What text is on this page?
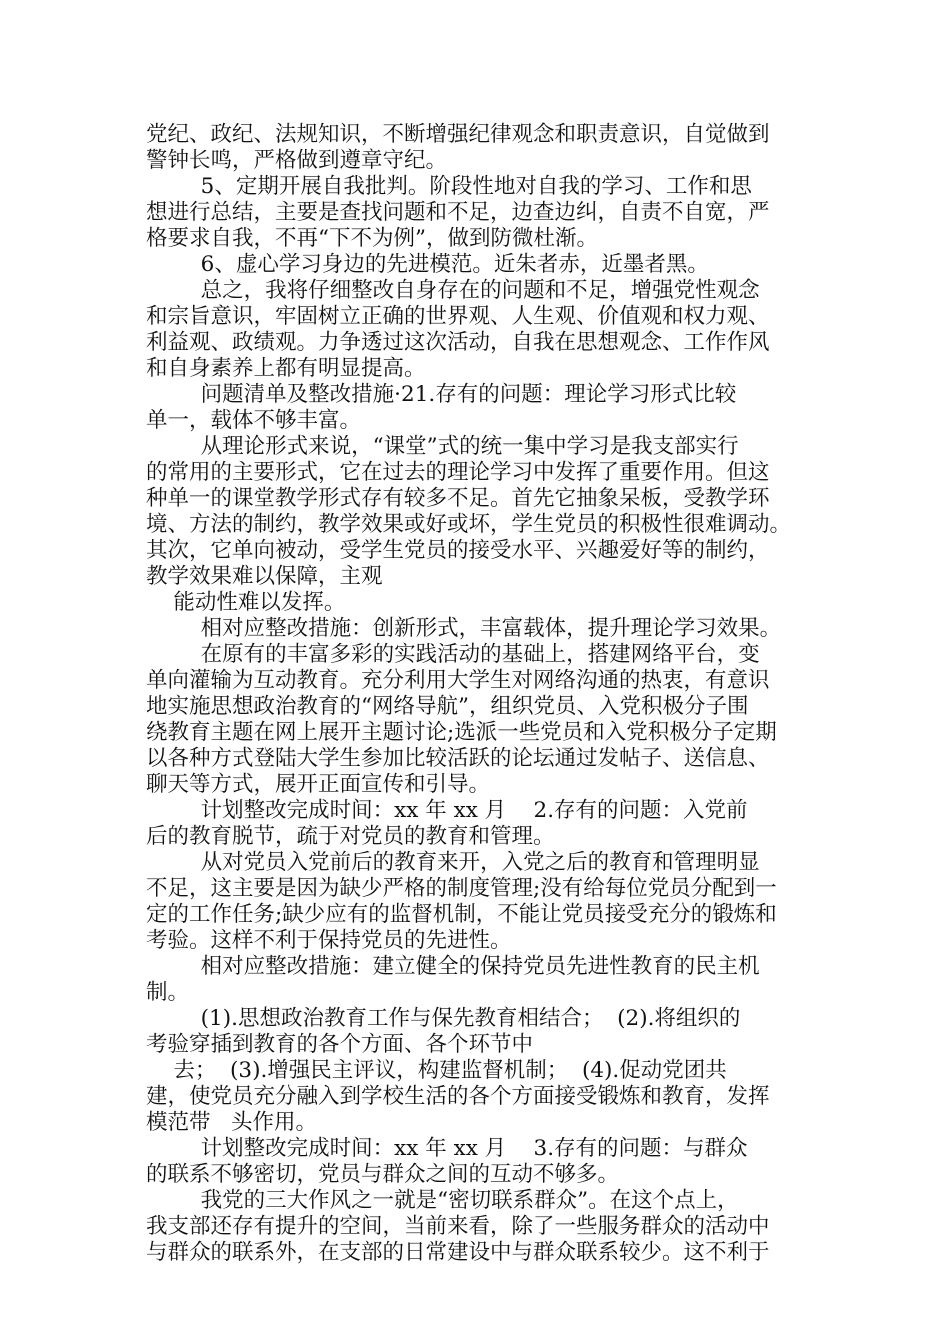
党纪、政纪、法规知识，不断增强纪律观念和职责意识，自觉做到

警钟长鸣，严格做到遵章守纪。

5、定期开展自我批判。阶段性地对自我的学习、工作和思

想进行总结，主要是查找问题和不足，边查边纠，自责不自宽，严

格要求自我，不再“下不为例”，做到防微杜渐。

6、虚心学习身边的先进模范。近朱者赤，近墨者黑。

总之，我将仔细整改自身存在的问题和不足，增强党性观念

和宗旨意识，牢固树立正确的世界观、人生观、价值观和权力观、

利益观、政绩观。力争透过这次活动，自我在思想观念、工作作风

和自身素养上都有明显提高。

问题清单及整改措施·21.存有的问题：理论学习形式比较

单一，载体不够丰富。

从理论形式来说，“课堂”式的统一集中学习是我支部实行

的常用的主要形式，它在过去的理论学习中发挥了重要作用。但这

种单一的课堂教学形式存有较多不足。首先它抽象呆板，受教学环

境、方法的制约，教学效果或好或坏，学生党员的积极性很难调动。

其次，它单向被动，受学生党员的接受水平、兴趣爱好等的制约，

教学效果难以保障，主观

能动性难以发挥。

相对应整改措施：创新形式，丰富载体，提升理论学习效果。

在原有的丰富多彩的实践活动的基础上，搭建网络平台，变

单向灌输为互动教育。充分利用大学生对网络沟通的热衷，有意识

地实施思想政治教育的“网络导航”，组织党员、入党积极分子围

绕教育主题在网上展开主题讨论;选派一些党员和入党积极分子定期

以各种方式登陆大学生参加比较活跃的论坛通过发帖子、送信息、

聊天等方式，展开正面宣传和引导。

计划整改完成时间：xx 年 xx 月    2.存有的问题：入党前

后的教育脱节，疏于对党员的教育和管理。

从对党员入党前后的教育来开，入党之后的教育和管理明显

不足，这主要是因为缺少严格的制度管理;没有给每位党员分配到一

定的工作任务;缺少应有的监督机制，不能让党员接受充分的锻炼和

考验。这样不利于保持党员的先进性。

相对应整改措施：建立健全的保持党员先进性教育的民主机

制。

(1).思想政治教育工作与保先教育相结合；  (2).将组织的

考验穿插到教育的各个方面、各个环节中

去；  (3).增强民主评议，构建监督机制；  (4).促动党团共

建，使党员充分融入到学校生活的各个方面接受锻炼和教育，发挥

模范带   头作用。

计划整改完成时间：xx 年 xx 月    3.存有的问题：与群众

的联系不够密切，党员与群众之间的互动不够多。

我党的三大作风之一就是“密切联系群众”。在这个点上，

我支部还存有提升的空间，当前来看，除了一些服务群众的活动中

与群众的联系外，在支部的日常建设中与群众联系较少。这不利于
